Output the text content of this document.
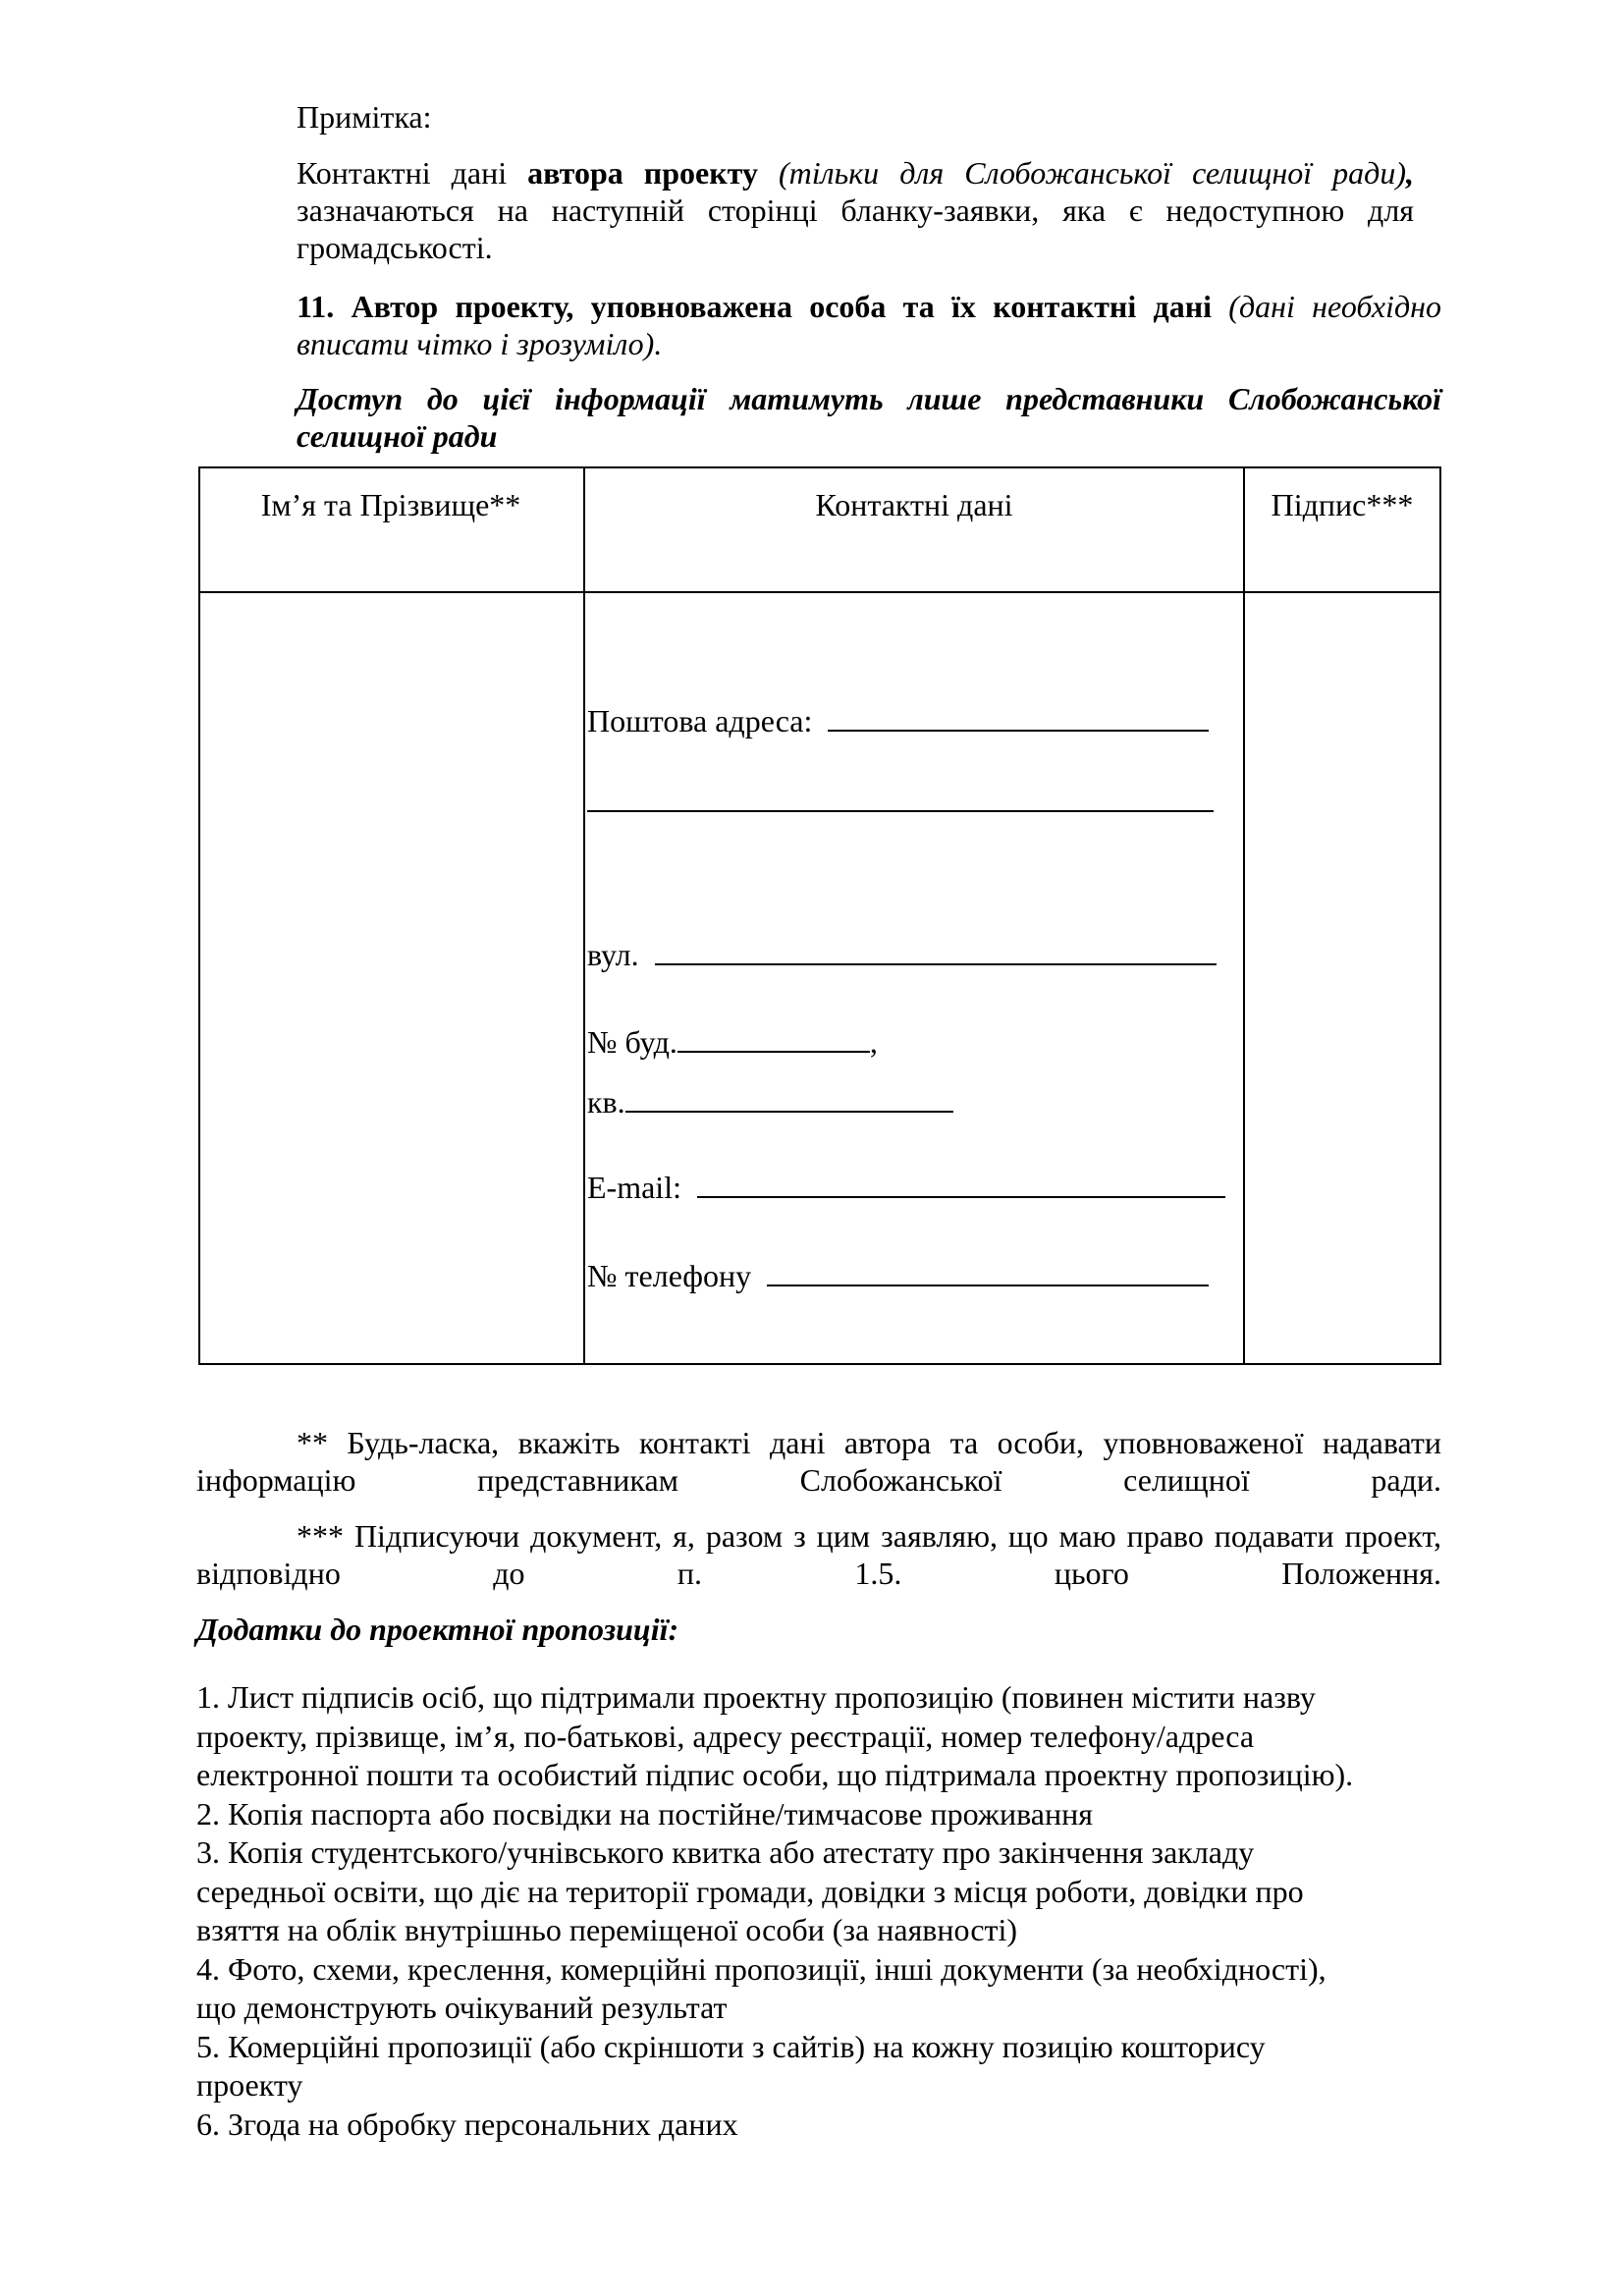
Примітка:
Контактні дані автора проекту (тільки для Слобожанської селищної ради), зазначаються на наступній сторінці бланку-заявки, яка є недоступною для громадськості.
11. Автор проекту, уповноважена особа та їх контактні дані (дані необхідно вписати чітко і зрозуміло).
Доступ до цієї інформації матимуть лише представники Слобожанської селищної ради
Ім’я та Прізвище**	Контактні дані	Підпис***
Поштова адреса:
вул.
№ буд.	,
кв.
E-mail:
№ телефону
** Будь-ласка, вкажіть контакті дані автора та особи, уповноваженої надавати інформацію представникам Слобожанської селищної ради.
*** Підписуючи документ, я, разом з цим заявляю, що маю право подавати проект, відповідно до п. 1.5. цього Положення.
Додатки до проектної пропозиції:
1. Лист підписів осіб, що підтримали проектну пропозицію (повинен містити назву
проекту, прізвище, ім’я, по-батькові, адресу реєстрації, номер телефону/адреса
електронної пошти та особистий підпис особи, що підтримала проектну пропозицію).
2. Копія паспорта або посвідки на постійне/тимчасове проживання
3. Копія студентського/учнівського квитка або атестату про закінчення закладу
середньої освіти, що діє на території громади, довідки з місця роботи, довідки про
взяття на облік внутрішньо переміщеної особи (за наявності)
4. Фото, схеми, креслення, комерційні пропозиції, інші документи (за необхідності),
що демонструють очікуваний результат
5. Комерційні пропозиції (або скріншоти з сайтів) на кожну позицію кошторису
проекту
6. Згода на обробку персональних даних
